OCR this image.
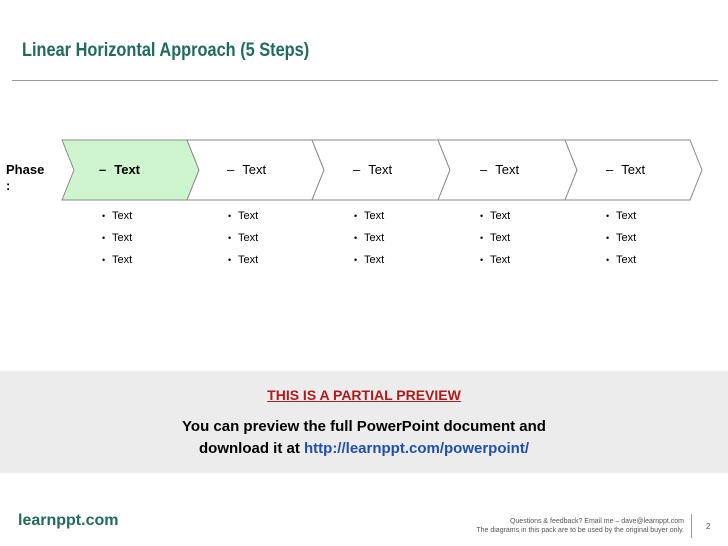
Linear Horizontal Approach (5 Steps)
Phase
:
– Text	– Text	– Text	– Text	– Text
• Text
• Text
• Text
• Text
• Text
• Text
• Text
• Text
• Text
• Text
• Text
• Text
• Text
• Text
• Text
THIS IS A PARTIAL PREVIEW
You can preview the full PowerPoint document and
download it at http://learnppt.com/powerpoint/
learnppt.com	Questions & feedback? Email me – dave@learnppt.com
The diagrams in this pack are to be used by the original buyer only.	2
